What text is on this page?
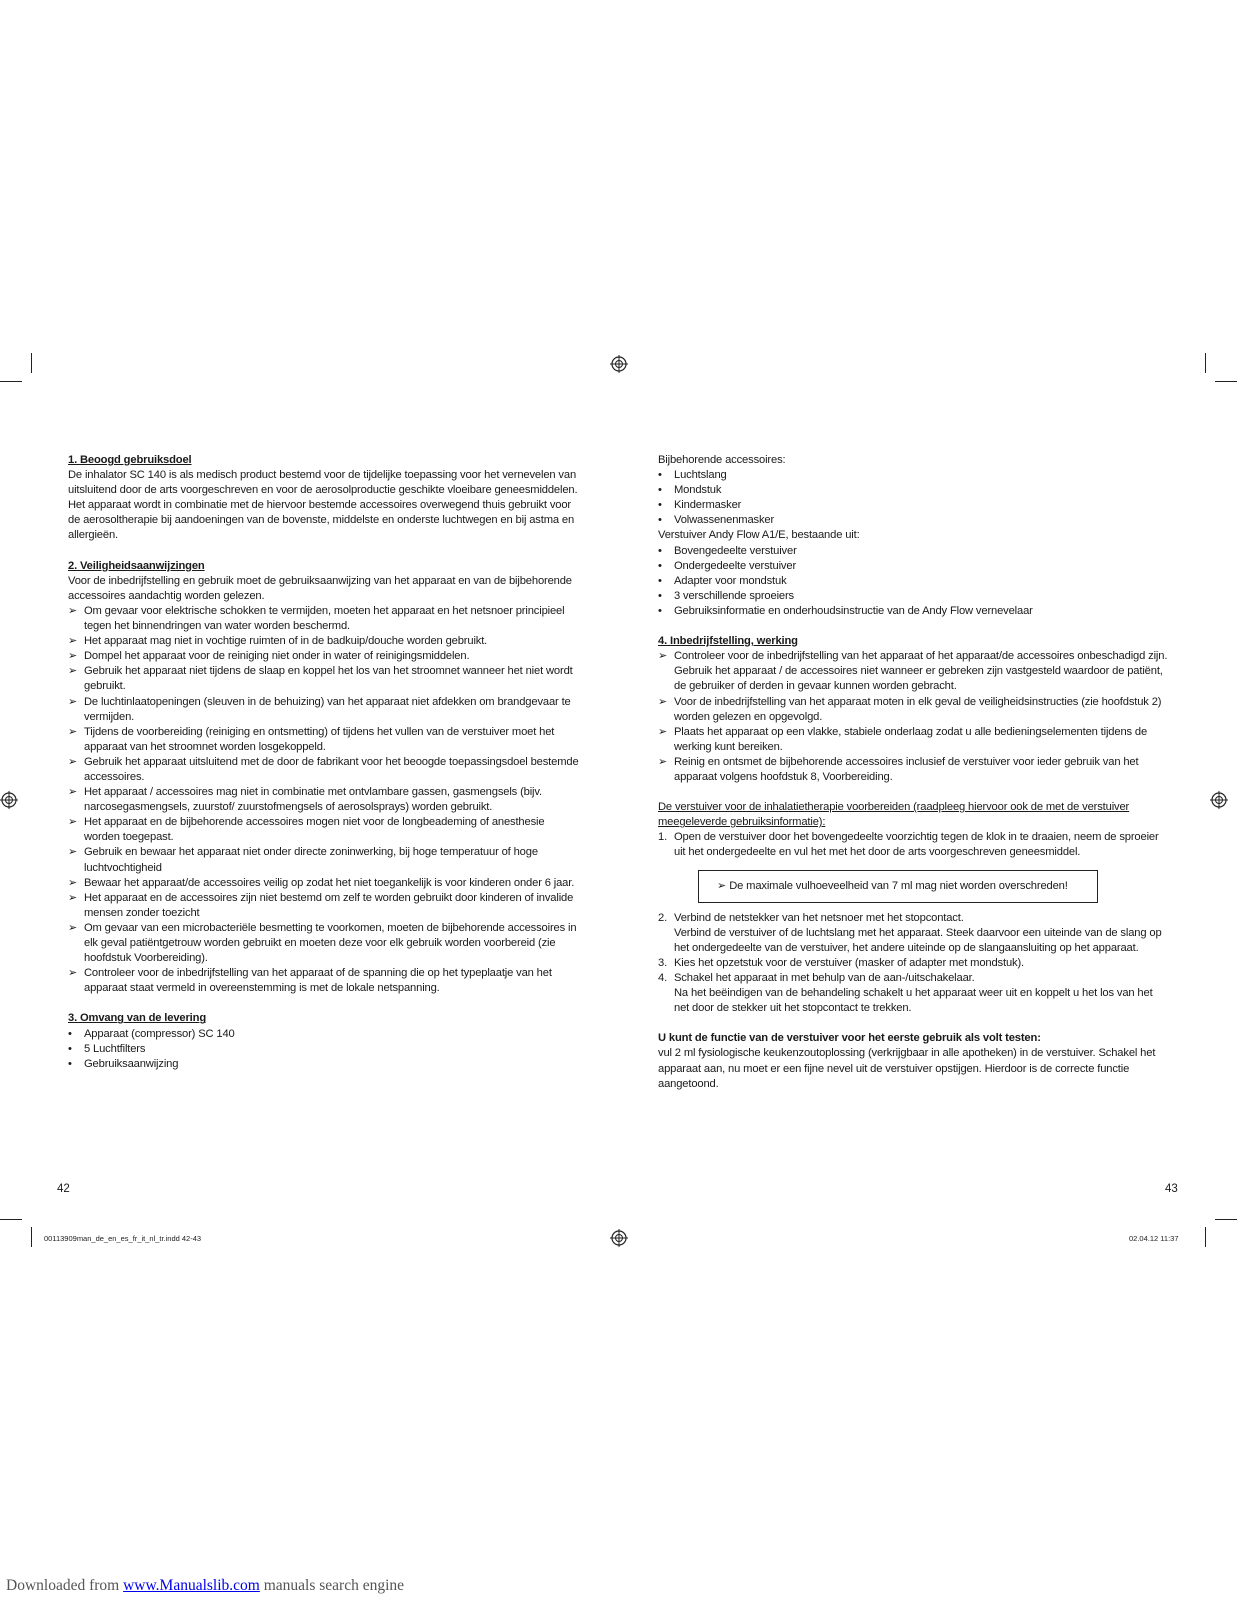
1. Beoogd gebruiksdoel

De inhalator SC 140 is als medisch product bestemd voor de tijdelijke toepassing voor het vernevelen van uitsluitend door de arts voorgeschreven en voor de aerosolproductie geschikte vloeibare geneesmiddelen. Het apparaat wordt in combinatie met de hiervoor bestemde accessoires overwegend thuis gebruikt voor de aerosoltherapie bij aandoeningen van de bovenste, middelste en onderste luchtwegen en bij astma en allergieën.

2. Veiligheidsaanwijzingen

Voor de inbedrijfstelling en gebruik moet de gebruiksaanwijzing van het apparaat en van de bijbehorende accessoires aandachtig worden gelezen.

➢ Om gevaar voor elektrische schokken te vermijden, moeten het apparaat en het netsnoer principieel tegen het binnendringen van water worden beschermd.
➢ Het apparaat mag niet in vochtige ruimten of in de badkuip/douche worden gebruikt.
➢ Dompel het apparaat voor de reiniging niet onder in water of reinigingsmiddelen.
➢ Gebruik het apparaat niet tijdens de slaap en koppel het los van het stroomnet wanneer het niet wordt gebruikt.
➢ De luchtinlaatopeningen (sleuven in de behuizing) van het apparaat niet afdekken om brandgevaar te vermijden.
➢ Tijdens de voorbereiding (reiniging en ontsmetting) of tijdens het vullen van de verstuiver moet het apparaat van het stroomnet worden losgekoppeld.
➢ Gebruik het apparaat uitsluitend met de door de fabrikant voor het beoogde toepassingsdoel bestemde accessoires.
➢ Het apparaat / accessoires mag niet in combinatie met ontvlambare gassen, gasmengsels (bijv. narcosegasmengsels, zuurstof/ zuurstofmengsels of aerosolsprays) worden gebruikt.
➢ Het apparaat en de bijbehorende accessoires mogen niet voor de longbeademing of anesthesie worden toegepast.
➢ Gebruik en bewaar het apparaat niet onder directe zoninwerking, bij hoge temperatuur of hoge luchtvochtigheid
➢ Bewaar het apparaat/de accessoires veilig op zodat het niet toegankelijk is voor kinderen onder 6 jaar.
➢ Het apparaat en de accessoires zijn niet bestemd om zelf te worden gebruikt door kinderen of invalide mensen zonder toezicht
➢ Om gevaar van een microbacteriële besmetting te voorkomen, moeten de bijbehorende accessoires in elk geval patiëntgetrouw worden gebruikt en moeten deze voor elk gebruik worden voorbereid (zie hoofdstuk Voorbereiding).
➢ Controleer voor de inbedrijfstelling van het apparaat of de spanning die op het typeplaatje van het apparaat staat vermeld in overeenstemming is met de lokale netspanning.
3. Omvang van de levering
• Apparaat (compressor) SC 140
• 5 Luchtfilters
• Gebruiksaanwijzing
Bijbehorende accessoires:
• Luchtslang
• Mondstuk
• Kindermasker
• Volwassenenmasker
Verstuiver Andy Flow A1/E, bestaande uit:
• Bovengedeelte verstuiver
• Ondergedeelte verstuiver
• Adapter voor mondstuk
• 3 verschillende sproeiers
• Gebruiksinformatie en onderhoudsinstructie van de Andy Flow vernevelaar
4. Inbedrijfstelling, werking
➢ Controleer voor de inbedrijfstelling van het apparaat of het apparaat/de accessoires onbeschadigd zijn. Gebruik het apparaat / de accessoires niet wanneer er gebreken zijn vastgesteld waardoor de patiënt, de gebruiker of derden in gevaar kunnen worden gebracht.
➢ Voor de inbedrijfstelling van het apparaat moten in elk geval de veiligheidsinstructies (zie hoofdstuk 2) worden gelezen en opgevolgd.
➢ Plaats het apparaat op een vlakke, stabiele onderlaag zodat u alle bedieningselementen tijdens de werking kunt bereiken.
➢ Reinig en ontsmet de bijbehorende accessoires inclusief de verstuiver voor ieder gebruik van het apparaat volgens hoofdstuk 8, Voorbereiding.
De verstuiver voor de inhalatietherapie voorbereiden (raadpleeg hiervoor ook de met de verstuiver meegeleverde gebruiksinformatie):
1. Open de verstuiver door het bovengedeelte voorzichtig tegen de klok in te draaien, neem de sproeier uit het ondergedeelte en vul het met het door de arts voorgeschreven geneesmiddel.
➢ De maximale vulhoeveelheid van 7 ml mag niet worden overschreden!
2. Verbind de netstekker van het netsnoer met het stopcontact.
Verbind de verstuiver of de luchtslang met het apparaat. Steek daarvoor een uiteinde van de slang op het ondergedeelte van de verstuiver, het andere uiteinde op de slangaansluiting op het apparaat.
3. Kies het opzetstuk voor de verstuiver (masker of adapter met mondstuk).
4. Schakel het apparaat in met behulp van de aan-/uitschakelaar.
Na het beëindigen van de behandeling schakelt u het apparaat weer uit en koppelt u het los van het net door de stekker uit het stopcontact te trekken.
U kunt de functie van de verstuiver voor het eerste gebruik als volt testen:

vul 2 ml fysiologische keukenzoutoplossing (verkrijgbaar in alle apotheken) in de verstuiver. Schakel het apparaat aan, nu moet er een fijne nevel uit de verstuiver opstijgen. Hierdoor is de correcte functie aangetoond.

42	43
00113909man_de_en_es_fr_it_nl_tr.indd 42-43	02.04.12 11:37
Downloaded from www.Manualslib.com manuals search engine
